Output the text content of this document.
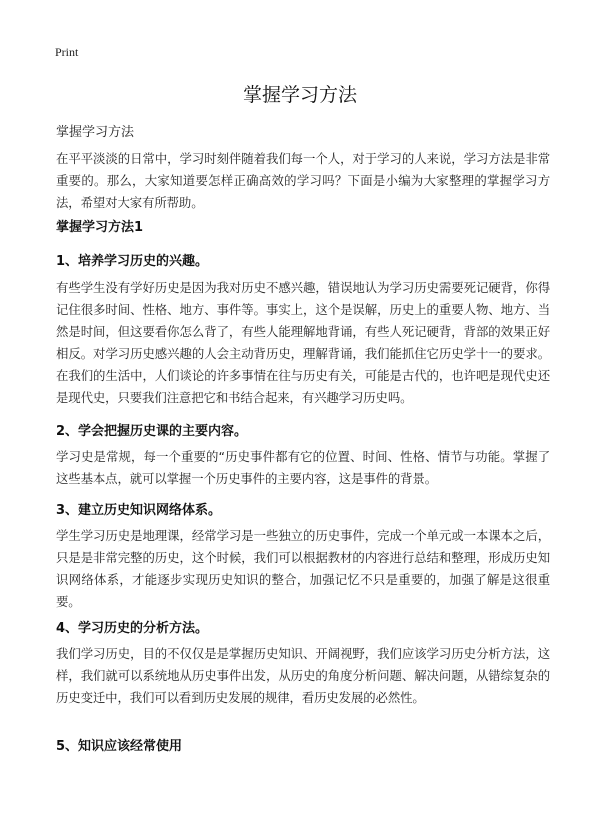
Print
掌握学习方法
掌握学习方法

在平平淡淡的日常中，学习时刻伴随着我们每一个人，对于学习的人来说，学习方法是非常重要的。那么，大家知道要怎样正确高效的学习吗？下面是小编为大家整理的掌握学习方法，希望对大家有所帮助。

掌握学习方法1
1、培养学习历史的兴趣。

有些学生没有学好历史是因为我对历史不感兴趣，错误地认为学习历史需要死记硬背，你得记住很多时间、性格、地方、事件等。事实上，这个是误解，历史上的重要人物、地方、当然是时间，但这要看你怎么背了，有些人能理解地背诵，有些人死记硬背，背部的效果正好相反。对学习历史感兴趣的人会主动背历史，理解背诵，我们能抓住它历史学十一的要求。在我们的生活中，人们谈论的许多事情在往与历史有关，可能是古代的，也许吧是现代史还是现代史，只要我们注意把它和书结合起来，有兴趣学习历史吗。

2、学会把握历史课的主要内容。

学习史是常规，每一个重要的“历史事件都有它的位置、时间、性格、情节与功能。掌握了这些基本点，就可以掌握一个历史事件的主要内容，这是事件的背景。

3、建立历史知识网络体系。

学生学习历史是地理课，经常学习是一些独立的历史事件，完成一个单元或一本课本之后，只是是非常完整的历史，这个时候，我们可以根据教材的内容进行总结和整理，形成历史知识网络体系，才能逐步实现历史知识的整合，加强记忆不只是重要的，加强了解是这很重要。

4、学习历史的分析方法。

我们学习历史，目的不仅仅是是掌握历史知识、开阔视野，我们应该学习历史分析方法，这样，我们就可以系统地从历史事件出发，从历史的角度分析问题、解决问题，从错综复杂的历史变迁中，我们可以看到历史发展的规律，看历史发展的必然性。

5、知识应该经常使用
